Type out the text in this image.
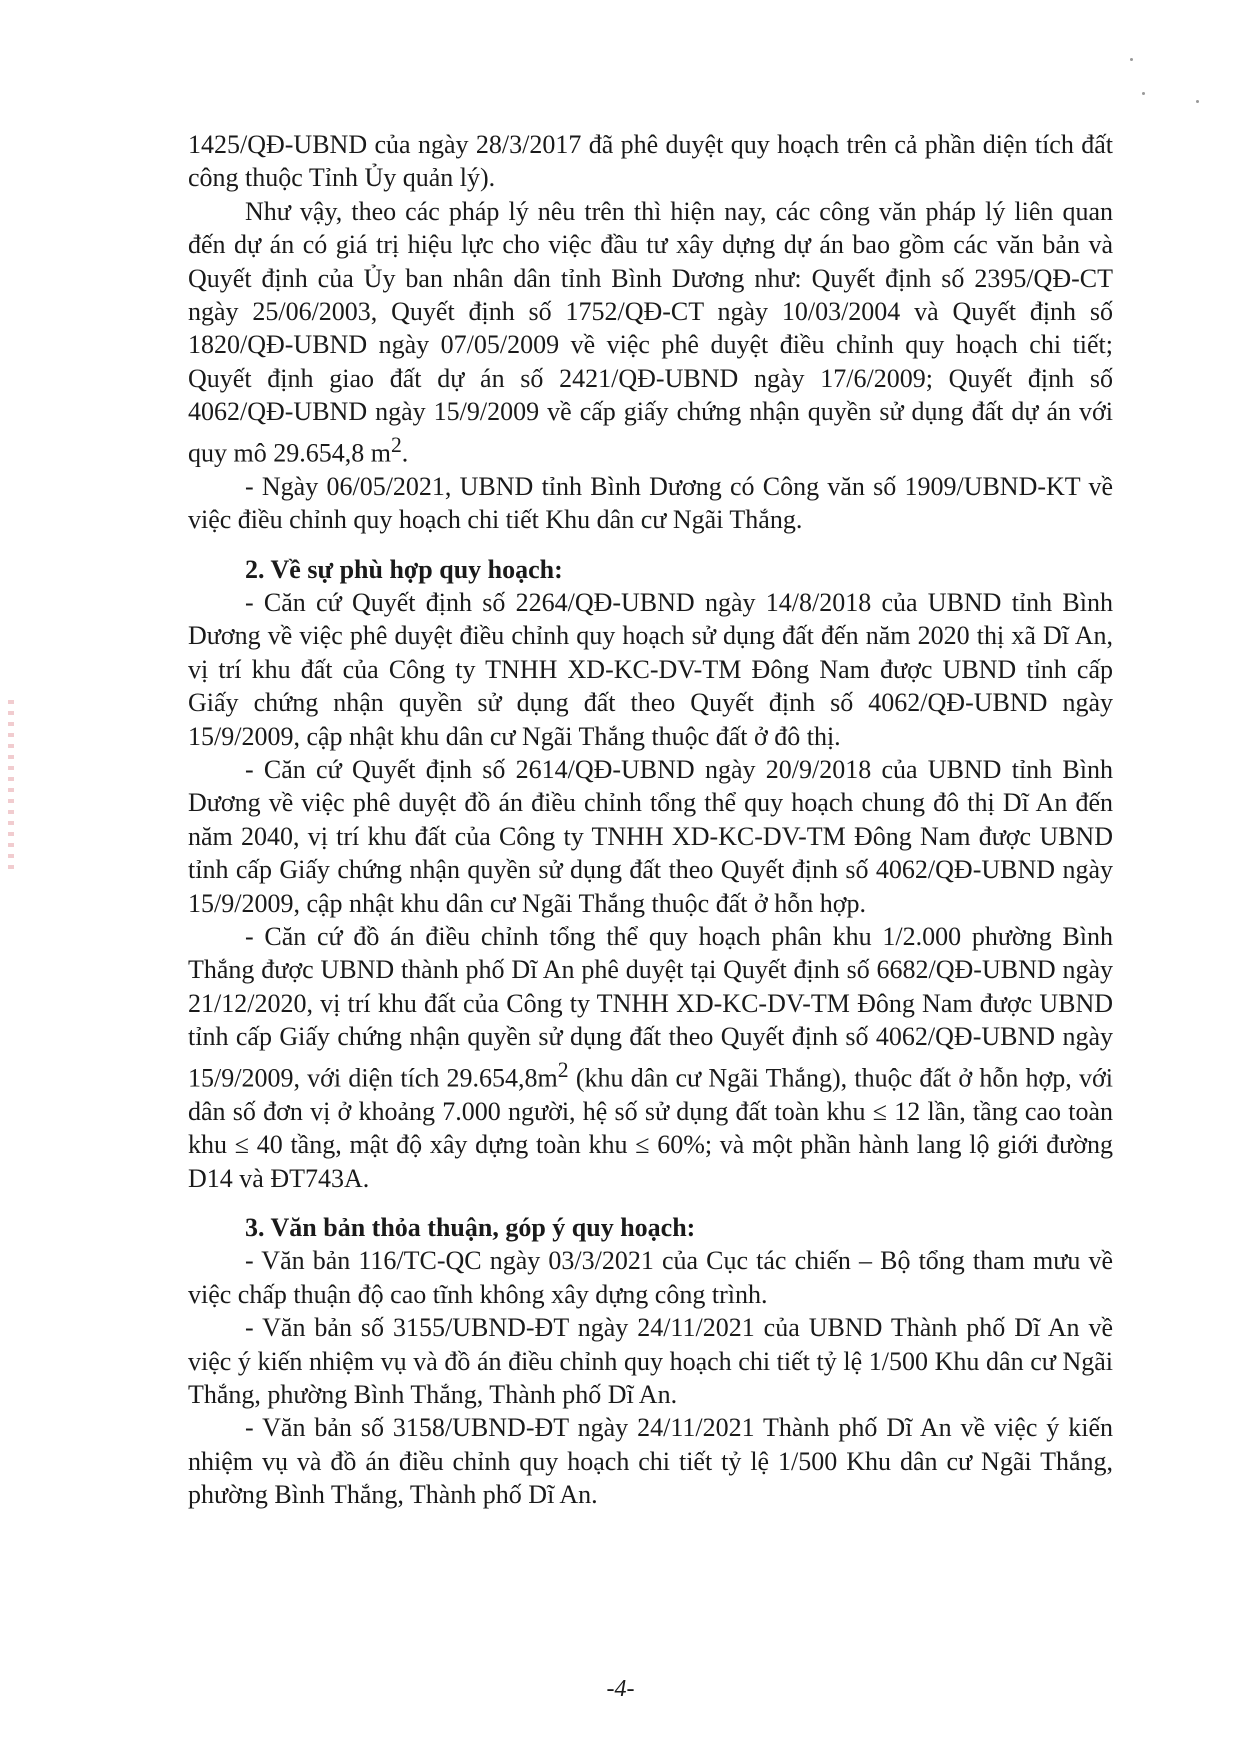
1425/QĐ-UBND của ngày 28/3/2017 đã phê duyệt quy hoạch trên cả phần diện tích đất công thuộc Tỉnh Ủy quản lý).

Như vậy, theo các pháp lý nêu trên thì hiện nay, các công văn pháp lý liên quan đến dự án có giá trị hiệu lực cho việc đầu tư xây dựng dự án bao gồm các văn bản và Quyết định của Ủy ban nhân dân tỉnh Bình Dương như: Quyết định số 2395/QĐ-CT ngày 25/06/2003, Quyết định số 1752/QĐ-CT ngày 10/03/2004 và Quyết định số 1820/QĐ-UBND ngày 07/05/2009 về việc phê duyệt điều chỉnh quy hoạch chi tiết; Quyết định giao đất dự án số 2421/QĐ-UBND ngày 17/6/2009; Quyết định số 4062/QĐ-UBND ngày 15/9/2009 về cấp giấy chứng nhận quyền sử dụng đất dự án với quy mô 29.654,8 $m^2$.

- Ngày 06/05/2021, UBND tỉnh Bình Dương có Công văn số 1909/UBND-KT về việc điều chỉnh quy hoạch chi tiết Khu dân cư Ngãi Thắng.

2. Về sự phù hợp quy hoạch:

- Căn cứ Quyết định số 2264/QĐ-UBND ngày 14/8/2018 của UBND tỉnh Bình Dương về việc phê duyệt điều chỉnh quy hoạch sử dụng đất đến năm 2020 thị xã Dĩ An, vị trí khu đất của Công ty TNHH XD-KC-DV-TM Đông Nam được UBND tỉnh cấp Giấy chứng nhận quyền sử dụng đất theo Quyết định số 4062/QĐ-UBND ngày 15/9/2009, cập nhật khu dân cư Ngãi Thắng thuộc đất ở đô thị.

- Căn cứ Quyết định số 2614/QĐ-UBND ngày 20/9/2018 của UBND tỉnh Bình Dương về việc phê duyệt đồ án điều chỉnh tổng thể quy hoạch chung đô thị Dĩ An đến năm 2040, vị trí khu đất của Công ty TNHH XD-KC-DV-TM Đông Nam được UBND tỉnh cấp Giấy chứng nhận quyền sử dụng đất theo Quyết định số 4062/QĐ-UBND ngày 15/9/2009, cập nhật khu dân cư Ngãi Thắng thuộc đất ở hỗn hợp.

- Căn cứ đồ án điều chỉnh tổng thể quy hoạch phân khu 1/2.000 phường Bình Thắng được UBND thành phố Dĩ An phê duyệt tại Quyết định số 6682/QĐ-UBND ngày 21/12/2020, vị trí khu đất của Công ty TNHH XD-KC-DV-TM Đông Nam được UBND tỉnh cấp Giấy chứng nhận quyền sử dụng đất theo Quyết định số 4062/QĐ-UBND ngày 15/9/2009, với diện tích $29.654,8m^2$ (khu dân cư Ngãi Thắng), thuộc đất ở hỗn hợp, với dân số đơn vị ở khoảng 7.000 người, hệ số sử dụng đất toàn khu ≤ 12 lần, tầng cao toàn khu ≤ 40 tầng, mật độ xây dựng toàn khu ≤ 60%; và một phần hành lang lộ giới đường D14 và ĐT743A.

3. Văn bản thỏa thuận, góp ý quy hoạch:

- Văn bản 116/TC-QC ngày 03/3/2021 của Cục tác chiến – Bộ tổng tham mưu về việc chấp thuận độ cao tĩnh không xây dựng công trình.

- Văn bản số 3155/UBND-ĐT ngày 24/11/2021 của UBND Thành phố Dĩ An về việc ý kiến nhiệm vụ và đồ án điều chỉnh quy hoạch chi tiết tỷ lệ 1/500 Khu dân cư Ngãi Thắng, phường Bình Thắng, Thành phố Dĩ An.

- Văn bản số 3158/UBND-ĐT ngày 24/11/2021 Thành phố Dĩ An về việc ý kiến nhiệm vụ và đồ án điều chỉnh quy hoạch chi tiết tỷ lệ 1/500 Khu dân cư Ngãi Thắng, phường Bình Thắng, Thành phố Dĩ An.

-4-
